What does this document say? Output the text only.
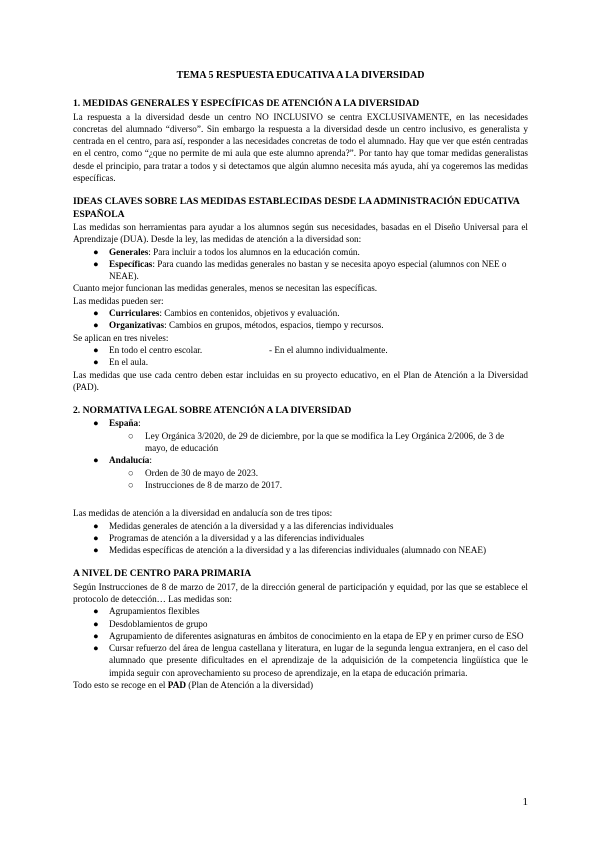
TEMA 5 RESPUESTA EDUCATIVA A LA DIVERSIDAD
1. MEDIDAS GENERALES Y ESPECÍFICAS DE ATENCIÓN A LA DIVERSIDAD

La respuesta a la diversidad desde un centro NO INCLUSIVO se centra EXCLUSIVAMENTE, en las necesidades concretas del alumnado “diverso”. Sin embargo la respuesta a la diversidad desde un centro inclusivo, es generalista y centrada en el centro, para así, responder a las necesidades concretas de todo el alumnado. Hay que ver que estén centradas en el centro, como “¿que no permite de mi aula que este alumno aprenda?”. Por tanto hay que tomar medidas generalistas desde el principio, para tratar a todos y si detectamos que algún alumno necesita más ayuda, ahí ya cogeremos las medidas específicas.

IDEAS CLAVES SOBRE LAS MEDIDAS ESTABLECIDAS DESDE LA ADMINISTRACIÓN EDUCATIVA ESPAÑOLA

Las medidas son herramientas para ayudar a los alumnos según sus necesidades, basadas en el Diseño Universal para el Aprendizaje (DUA). Desde la ley, las medidas de atención a la diversidad son:

● Generales: Para incluir a todos los alumnos en la educación común.
● Específicas: Para cuando las medidas generales no bastan y se necesita apoyo especial (alumnos con NEE o NEAE).

Cuanto mejor funcionan las medidas generales, menos se necesitan las específicas.

Las medidas pueden ser:

● Curriculares: Cambios en contenidos, objetivos y evaluación.
● Organizativas: Cambios en grupos, métodos, espacios, tiempo y recursos.

Se aplican en tres niveles:

● En todo el centro escolar.	- En el alumno individualmente.
● En el aula.

Las medidas que use cada centro deben estar incluidas en su proyecto educativo, en el Plan de Atención a la Diversidad (PAD).

2. NORMATIVA LEGAL SOBRE ATENCIÓN A LA DIVERSIDAD
● España:
○ Ley Orgánica 3/2020, de 29 de diciembre, por la que se modifica la Ley Orgánica 2/2006, de 3 de mayo, de educación
● Andalucía:
○ Orden de 30 de mayo de 2023.
○ Instrucciones de 8 de marzo de 2017.

Las medidas de atención a la diversidad en andalucía son de tres tipos:

● Medidas generales de atención a la diversidad y a las diferencias individuales
● Programas de atención a la diversidad y a las diferencias individuales
● Medidas específicas de atención a la diversidad y a las diferencias individuales (alumnado con NEAE)
A NIVEL DE CENTRO PARA PRIMARIA

Según Instrucciones de 8 de marzo de 2017, de la dirección general de participación y equidad, por las que se establece el protocolo de detección… Las medidas son:

● Agrupamientos flexibles
● Desdoblamientos de grupo
● Agrupamiento de diferentes asignaturas en ámbitos de conocimiento en la etapa de EP y en primer curso de ESO
● Cursar refuerzo del área de lengua castellana y literatura, en lugar de la segunda lengua extranjera, en el caso del alumnado que presente dificultades en el aprendizaje de la adquisición de la competencia lingüística que le impida seguir con aprovechamiento su proceso de aprendizaje, en la etapa de educación primaria.

Todo esto se recoge en el PAD (Plan de Atención a la diversidad)

1
